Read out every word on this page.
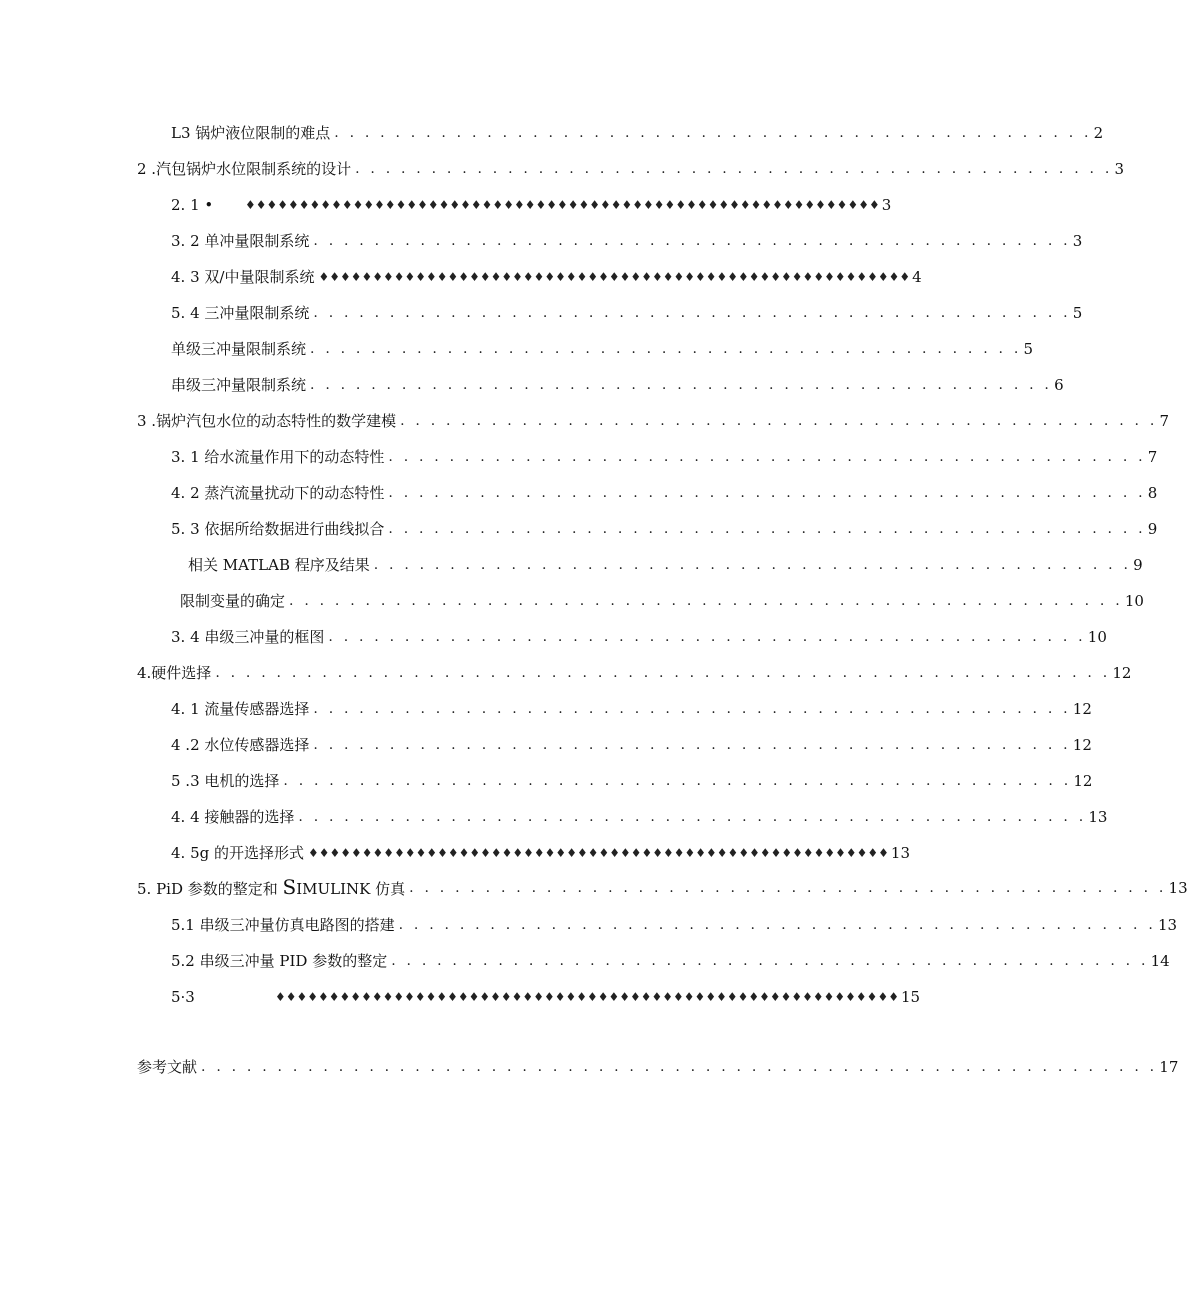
L3 锅炉液位限制的难点 . . . . . . . . . . . . . . . . . . . . . . . . . . . . . . . . . . . . . . . . . . . . . . . . . . 2
2 .汽包锅炉水位限制系统的设计 . . . . . . . . . . . . . . . . . . . . . . . . . . . . . . . . . . . . . . . . . . . . . . . . . . 3
2. 1 •	♦♦♦♦♦♦♦♦♦♦♦♦♦♦♦♦♦♦♦♦♦♦♦♦♦♦♦♦♦♦♦♦♦♦♦♦♦♦♦♦♦♦♦♦♦♦♦♦♦♦♦♦♦♦♦♦♦♦♦ 3
3. 2 单冲量限制系统 . . . . . . . . . . . . . . . . . . . . . . . . . . . . . . . . . . . . . . . . . . . . . . . . . . 3
4. 3 双/中量限制系统 ♦♦♦♦♦♦♦♦♦♦♦♦♦♦♦♦♦♦♦♦♦♦♦♦♦♦♦♦♦♦♦♦♦♦♦♦♦♦♦♦♦♦♦♦♦♦♦♦♦♦♦♦♦♦♦ 4
5. 4 三冲量限制系统 . . . . . . . . . . . . . . . . . . . . . . . . . . . . . . . . . . . . . . . . . . . . . . . . . . 5
单级三冲量限制系统 . . . . . . . . . . . . . . . . . . . . . . . . . . . . . . . . . . . . . . . . . . . . . . . 5
串级三冲量限制系统 . . . . . . . . . . . . . . . . . . . . . . . . . . . . . . . . . . . . . . . . . . . . . . . . . 6
3 .锅炉汽包水位的动态特性的数学建模 . . . . . . . . . . . . . . . . . . . . . . . . . . . . . . . . . . . . . . . . . . . . . . . . . . 7
3. 1 给水流量作用下的动态特性 . . . . . . . . . . . . . . . . . . . . . . . . . . . . . . . . . . . . . . . . . . . . . . . . . . 7
4. 2 蒸汽流量扰动下的动态特性 . . . . . . . . . . . . . . . . . . . . . . . . . . . . . . . . . . . . . . . . . . . . . . . . . . 8
5. 3 依据所给数据进行曲线拟合 . . . . . . . . . . . . . . . . . . . . . . . . . . . . . . . . . . . . . . . . . . . . . . . . . . 9
相关 MATLAB 程序及结果 . . . . . . . . . . . . . . . . . . . . . . . . . . . . . . . . . . . . . . . . . . . . . . . . . . 9
限制变量的确定 . . . . . . . . . . . . . . . . . . . . . . . . . . . . . . . . . . . . . . . . . . . . . . . . . . . . . . . 10
3. 4 串级三冲量的框图 . . . . . . . . . . . . . . . . . . . . . . . . . . . . . . . . . . . . . . . . . . . . . . . . . . 10
4.硬件选择 . . . . . . . . . . . . . . . . . . . . . . . . . . . . . . . . . . . . . . . . . . . . . . . . . . . . . . . . . . . 12
4. 1 流量传感器选择 . . . . . . . . . . . . . . . . . . . . . . . . . . . . . . . . . . . . . . . . . . . . . . . . . . 12
4 .2 水位传感器选择 . . . . . . . . . . . . . . . . . . . . . . . . . . . . . . . . . . . . . . . . . . . . . . . . . . 12
5 .3 电机的选择 . . . . . . . . . . . . . . . . . . . . . . . . . . . . . . . . . . . . . . . . . . . . . . . . . . . . 12
4. 4 接触器的选择 . . . . . . . . . . . . . . . . . . . . . . . . . . . . . . . . . . . . . . . . . . . . . . . . . . . . 13
4. 5g 的开选择形式 ♦♦♦♦♦♦♦♦♦♦♦♦♦♦♦♦♦♦♦♦♦♦♦♦♦♦♦♦♦♦♦♦♦♦♦♦♦♦♦♦♦♦♦♦♦♦♦♦♦♦♦♦♦♦ 13
5. PiD 参数的整定和 SIMULINK 仿真 . . . . . . . . . . . . . . . . . . . . . . . . . . . . . . . . . . . . . . . . . . . . . . . . . . 13
5.1 串级三冲量仿真电路图的搭建 . . . . . . . . . . . . . . . . . . . . . . . . . . . . . . . . . . . . . . . . . . . . . . . . . . 13
5.2 串级三冲量 PID 参数的整定 . . . . . . . . . . . . . . . . . . . . . . . . . . . . . . . . . . . . . . . . . . . . . . . . . . 14
5·3	♦♦♦♦♦♦♦♦♦♦♦♦♦♦♦♦♦♦♦♦♦♦♦♦♦♦♦♦♦♦♦♦♦♦♦♦♦♦♦♦♦♦♦♦♦♦♦♦♦♦♦♦♦♦♦♦♦♦ 15
参考文献 . . . . . . . . . . . . . . . . . . . . . . . . . . . . . . . . . . . . . . . . . . . . . . . . . . . . . . . . . . . . . . . 17
